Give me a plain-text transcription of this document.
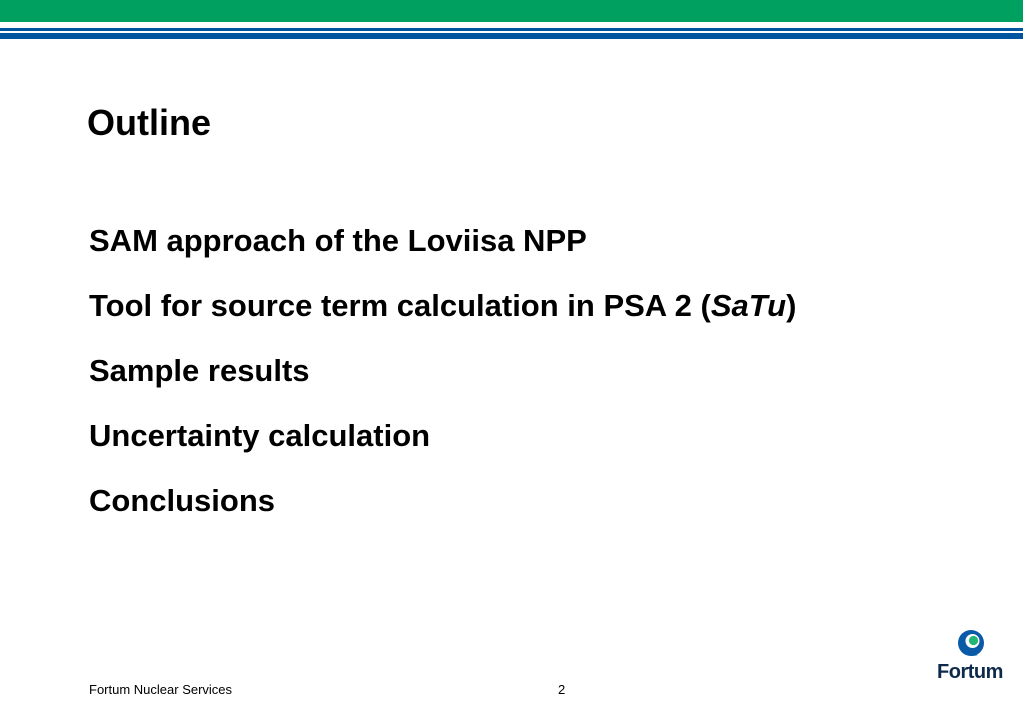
Outline
SAM approach of the Loviisa NPP
Tool for source term calculation in PSA 2 (SaTu)
Sample results
Uncertainty calculation
Conclusions
Fortum Nuclear Services	2
Fortum
